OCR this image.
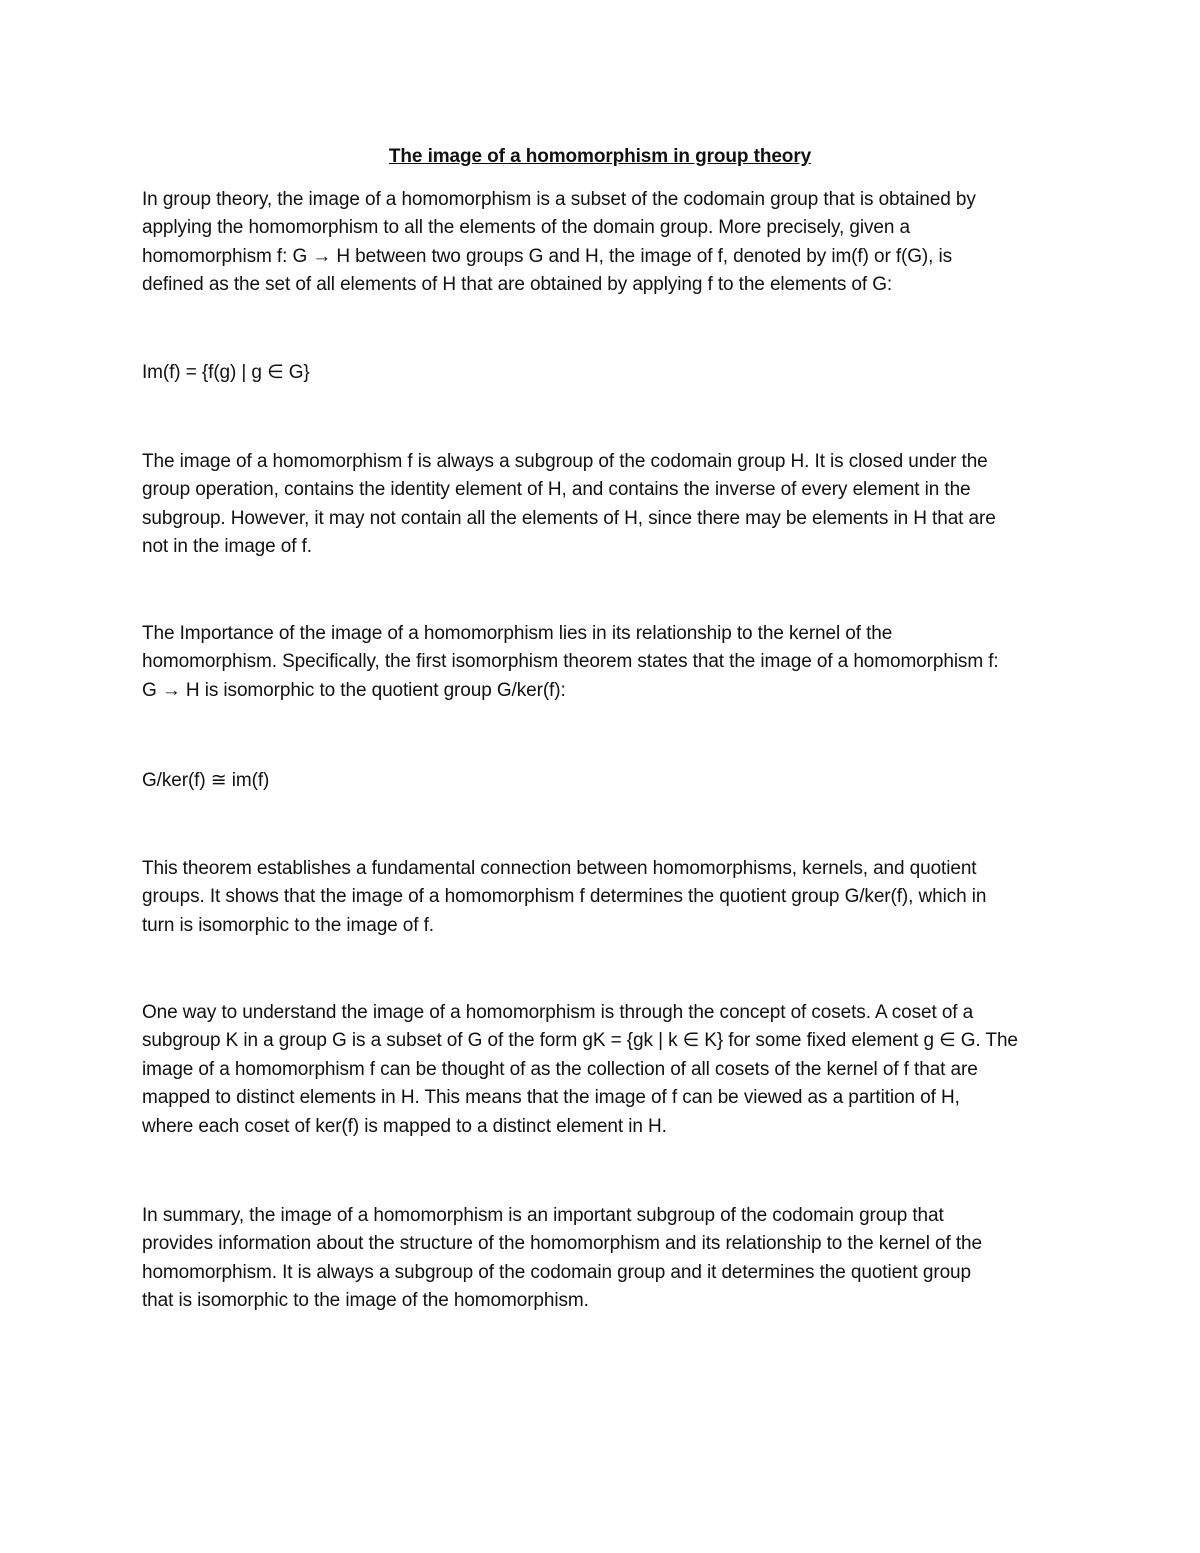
The image of a homomorphism in group theory
In group theory, the image of a homomorphism is a subset of the codomain group that is obtained by
applying the homomorphism to all the elements of the domain group. More precisely, given a
homomorphism f: G → H between two groups G and H, the image of f, denoted by im(f) or f(G), is
defined as the set of all elements of H that are obtained by applying f to the elements of G:
Im(f) = {f(g) | g ∈ G}
The image of a homomorphism f is always a subgroup of the codomain group H. It is closed under the
group operation, contains the identity element of H, and contains the inverse of every element in the
subgroup. However, it may not contain all the elements of H, since there may be elements in H that are
not in the image of f.
The Importance of the image of a homomorphism lies in its relationship to the kernel of the
homomorphism. Specifically, the first isomorphism theorem states that the image of a homomorphism f:
G → H is isomorphic to the quotient group G/ker(f):
G/ker(f) ≅ im(f)
This theorem establishes a fundamental connection between homomorphisms, kernels, and quotient
groups. It shows that the image of a homomorphism f determines the quotient group G/ker(f), which in
turn is isomorphic to the image of f.
One way to understand the image of a homomorphism is through the concept of cosets. A coset of a
subgroup K in a group G is a subset of G of the form gK = {gk | k ∈ K} for some fixed element g ∈ G. The
image of a homomorphism f can be thought of as the collection of all cosets of the kernel of f that are
mapped to distinct elements in H. This means that the image of f can be viewed as a partition of H,
where each coset of ker(f) is mapped to a distinct element in H.
In summary, the image of a homomorphism is an important subgroup of the codomain group that
provides information about the structure of the homomorphism and its relationship to the kernel of the
homomorphism. It is always a subgroup of the codomain group and it determines the quotient group
that is isomorphic to the image of the homomorphism.
